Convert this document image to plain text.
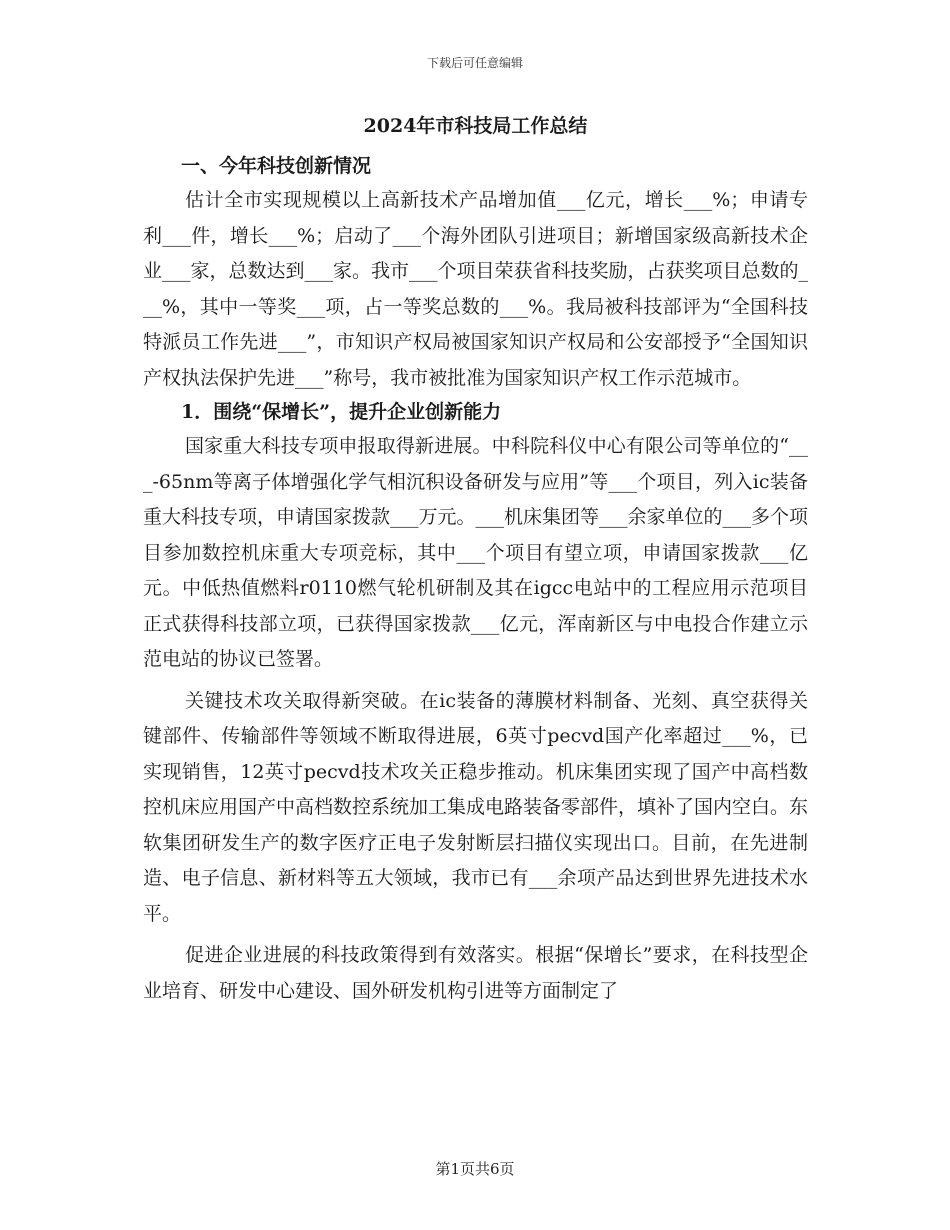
下载后可任意编辑
2024年市科技局工作总结
一、今年科技创新情况

估计全市实现规模以上高新技术产品增加值___亿元，增长___%；申请专利___件，增长___%；启动了___个海外团队引进项目；新增国家级高新技术企业___家，总数达到___家。我市___个项目荣获省科技奖励，占获奖项目总数的___%，其中一等奖___项，占一等奖总数的___%。我局被科技部评为“全国科技特派员工作先进___”，市知识产权局被国家知识产权局和公安部授予“全国知识产权执法保护先进___”称号，我市被批准为国家知识产权工作示范城市。

1．围绕“保增长”，提升企业创新能力

国家重大科技专项申报取得新进展。中科院科仪中心有限公司等单位的“___-65nm等离子体增强化学气相沉积设备研发与应用”等___个项目，列入ic装备重大科技专项，申请国家拨款___万元。___机床集团等___余家单位的___多个项目参加数控机床重大专项竞标，其中___个项目有望立项，申请国家拨款___亿元。中低热值燃料r0110燃气轮机研制及其在igcc电站中的工程应用示范项目正式获得科技部立项，已获得国家拨款___亿元，浑南新区与中电投合作建立示范电站的协议已签署。

关键技术攻关取得新突破。在ic装备的薄膜材料制备、光刻、真空获得关键部件、传输部件等领域不断取得进展，6英寸pecvd国产化率超过___%，已实现销售，12英寸pecvd技术攻关正稳步推动。机床集团实现了国产中高档数控机床应用国产中高档数控系统加工集成电路装备零部件，填补了国内空白。东软集团研发生产的数字医疗正电子发射断层扫描仪实现出口。目前，在先进制造、电子信息、新材料等五大领域，我市已有___余项产品达到世界先进技术水平。

促进企业进展的科技政策得到有效落实。根据“保增长”要求，在科技型企业培育、研发中心建设、国外研发机构引进等方面制定了

第1页共6页
